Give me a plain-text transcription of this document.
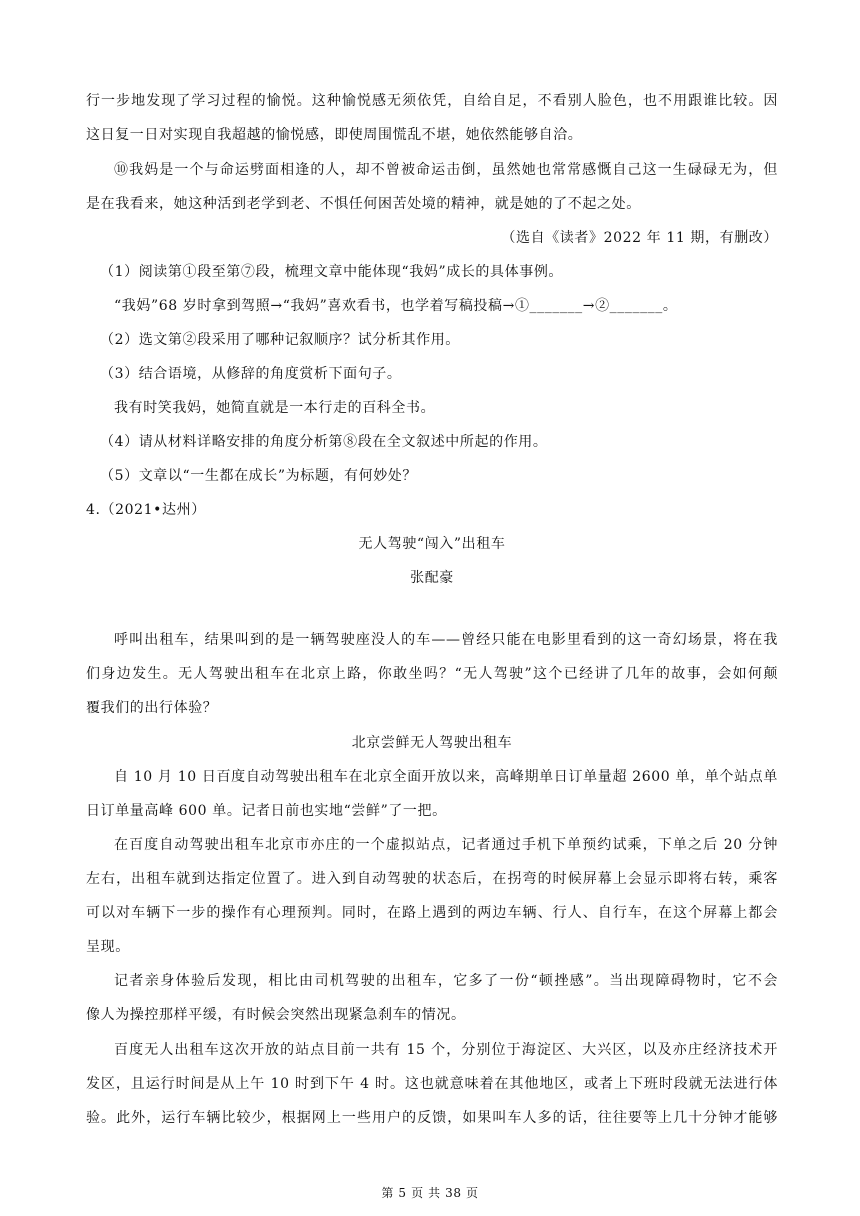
行一步地发现了学习过程的愉悦。这种愉悦感无须依凭，自给自足，不看别人脸色，也不用跟谁比较。因
这日复一日对实现自我超越的愉悦感，即使周围慌乱不堪，她依然能够自洽。
⑩我妈是一个与命运劈面相逢的人，却不曾被命运击倒，虽然她也常常感慨自己这一生碌碌无为，但
是在我看来，她这种活到老学到老、不惧任何困苦处境的精神，就是她的了不起之处。
（选自《读者》2022 年 11 期，有删改）
（1）阅读第①段至第⑦段，梳理文章中能体现“我妈”成长的具体事例。
“我妈”68 岁时拿到驾照→“我妈”喜欢看书，也学着写稿投稿→①_______→②_______。
（2）选文第②段采用了哪种记叙顺序？试分析其作用。
（3）结合语境，从修辞的角度赏析下面句子。
我有时笑我妈，她简直就是一本行走的百科全书。
（4）请从材料详略安排的角度分析第⑧段在全文叙述中所起的作用。
（5）文章以“一生都在成长”为标题，有何妙处？
4.（2021•达州）
无人驾驶“闯入”出租车
张配豪
呼叫出租车，结果叫到的是一辆驾驶座没人的车——曾经只能在电影里看到的这一奇幻场景，将在我
们身边发生。无人驾驶出租车在北京上路，你敢坐吗？“无人驾驶”这个已经讲了几年的故事，会如何颠
覆我们的出行体验？
北京尝鲜无人驾驶出租车
自 10 月 10 日百度自动驾驶出租车在北京全面开放以来，高峰期单日订单量超 2600 单，单个站点单
日订单量高峰 600 单。记者日前也实地“尝鲜”了一把。
在百度自动驾驶出租车北京市亦庄的一个虚拟站点，记者通过手机下单预约试乘，下单之后 20 分钟
左右，出租车就到达指定位置了。进入到自动驾驶的状态后，在拐弯的时候屏幕上会显示即将右转，乘客
可以对车辆下一步的操作有心理预判。同时，在路上遇到的两边车辆、行人、自行车，在这个屏幕上都会
呈现。
记者亲身体验后发现，相比由司机驾驶的出租车，它多了一份“顿挫感”。当出现障碍物时，它不会
像人为操控那样平缓，有时候会突然出现紧急刹车的情况。
百度无人出租车这次开放的站点目前一共有 15 个，分别位于海淀区、大兴区，以及亦庄经济技术开
发区，且运行时间是从上午 10 时到下午 4 时。这也就意味着在其他地区，或者上下班时段就无法进行体
验。此外，运行车辆比较少，根据网上一些用户的反馈，如果叫车人多的话，往往要等上几十分钟才能够
第 5 页 共 38 页
